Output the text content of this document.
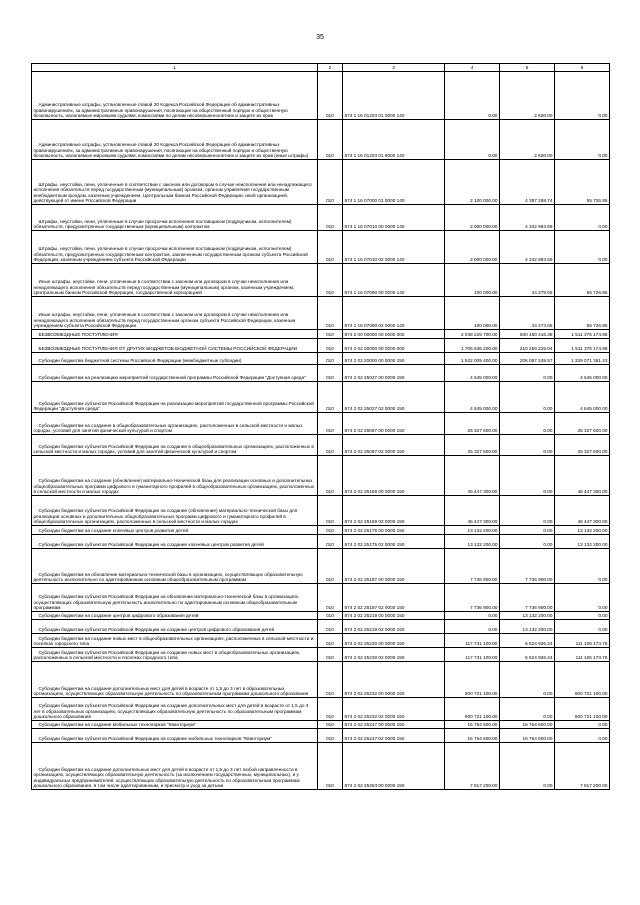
35
1	2	3	4	5	6
Административные штрафы, установленные главой 20 Кодекса Российской Федерации об административных правонарушениях, за административные правонарушения, посягающие на общественный порядок и общественную безопасность, налагаемые мировыми судьями, комиссиями по делам несовершеннолетних и защите их прав	010	874 1 16 01203 01 0000 140	0.00	2 620.00	0.00
Административные штрафы, установленные главой 20 Кодекса Российской Федерации об административных правонарушениях, за административные правонарушения, посягающие на общественный порядок и общественную безопасность, налагаемые мировыми судьями, комиссиями по делам несовершеннолетних и защите их прав (иные штрафы)	010	874 1 16 01203 01 9000 140	0.00	2 620.00	0.00
Штрафы, неустойки, пени, уплаченные в соответствии с законом или договором в случае неисполнения или ненадлежащего исполнения обязательств перед государственным (муниципальным) органом, органом управления государственным внебюджетным фондом, казенным учреждением, Центральным банком Российской Федерации, иной организацией, действующей от имени Российской Федерации	010	874 1 16 07000 01 0000 140	2 100 000.00	4 387 268.74	55 726.95
Штрафы, неустойки, пени, уплаченные в случае просрочки исполнения поставщиком (подрядчиком, исполнителем) обязательств, предусмотренных государственным (муниципальным) контрактом	010	874 1 16 07010 00 0000 140	2 000 000.00	4 342 993.69	0.00
Штрафы, неустойки, пени, уплаченные в случае просрочки исполнения поставщиком (подрядчиком, исполнителем) обязательств, предусмотренных государственным контрактом, заключенным государственным органом субъекта Российской Федерации, казенным учреждением субъекта Российской Федерации	010	874 1 16 07010 02 0000 140	2 000 000.00	4 342 993.69	0.00
Иные штрафы, неустойки, пени, уплаченные в соответствии с законом или договором в случае неисполнения или ненадлежащего исполнения обязательств перед государственным (муниципальным) органом, казенным учреждением, Центральным банком Российской Федерации, государственной корпорацией	010	874 1 16 07090 00 0000 140	100 000.00	44 275.05	55 726.95
Иные штрафы, неустойки, пени, уплаченные в соответствии с законом или договором в случае неисполнения или ненадлежащего исполнения обязательств перед государственным органом субъекта Российской Федерации, казенным учреждением субъекта Российской Федерации	010	874 1 16 07090 02 0000 140	100 000.00	44 273.05	55 726.95
БЕЗВОЗМЕЗДНЫЕ ПОСТУПЛЕНИЯ	010	874 2 00 00000 00 0000 000	2 038 225 700.00	600 450 416.38	1 511 376 174.98
БЕЗВОЗМЕЗДНЫЕ ПОСТУПЛЕНИЯ ОТ ДРУГИХ БЮДЖЕТОВ БЮДЖЕТНОЙ СИСТЕМЫ РОССИЙСКОЙ ФЕДЕРАЦИИ	010	874 2 02 00000 00 0000 000	1 705 536 200.00	210 259 225.04	1 511 376 174.98
Субсидии бюджетам бюджетной системы Российской Федерации (межбюджетные субсидии)	010	874 2 02 20000 00 0000 150	1 522 009 400.00	206 087 248.57	1 329 071 361.43
Субсидии бюджетам на реализацию мероприятий государственной программы Российской Федерации "Доступная среда"	010	874 2 02 25027 00 0000 150	4 645 000.00	0.00	4 645 000.00
Субсидии бюджетам субъектов Российской Федерации на реализацию мероприятий государственной программы Российской Федерации "Доступная среда"	010	874 2 02 25027 02 0000 150	4 645 000.00	0.00	4 645 000.00
Субсидии бюджетам на создание в общеобразовательных организациях, расположенных в сельской местности и малых городах, условий для занятий физической культурой и спортом	010	874 2 02 25097 00 0000 150	25 327 600.00	0.00	25 327 600.00
Субсидии бюджетам субъектов Российской Федерации на создание в общеобразовательных организациях, расположенных в сельской местности и малых городах, условий для занятий физической культурой и спортом	010	874 2 02 25097 02 0000 150	25 327 600.00	0.00	25 327 600.00
Субсидии бюджетам на создание (обновление) материально-технической базы для реализации основных и дополнительных общеобразовательных программ цифрового и гуманитарного профилей в общеобразовательных организациях, расположенных в сельской местности и малых городах	010	874 2 02 25169 00 0000 150	46 447 300.00	0.00	46 447 300.00
Субсидии бюджетам субъектов Российской Федерации на создание (обновление) материально-технической базы для реализации основных и дополнительных общеобразовательных программ цифрового и гуманитарного профилей в общеобразовательных организациях, расположенных в сельской местности и малых городах	010	874 2 02 25169 02 0000 150	46 447 300.00	0.00	46 447 300.00
Субсидии бюджетам на создание ключевых центров развития детей	010	874 2 02 25175 00 0000 150	13 132 200.00	0.00	13 132 200.00
Субсидии бюджетам субъектов Российской Федерации на создание ключевых центров развития детей	010	874 2 02 25175 02 0000 150	13 132 200.00	0.00	13 132 200.00
Субсидии бюджетам на обновление материально-технической базы в организациях, осуществляющих образовательную деятельность исключительно по адаптированным основным общеобразовательным программам	010	874 2 02 25187 00 0000 150	7 736 900.00	7 736 900.00	0.00
Субсидии бюджетам субъектов Российской Федерации на обновление материально-технической базы в организациях, осуществляющих образовательную деятельность исключительно по адаптированным основным общеобразовательным программам	010	874 2 02 25187 02 0000 150	7 736 900.00	7 736 900.00	0.00
Субсидии бюджетам на создание центров цифрового образования детей	010	874 2 02 25219 00 0000 150	0.00	13 132 200.00	0.00
Субсидии бюджетам субъектов Российской Федерации на создание центров цифрового образования детей	010	874 2 02 25219 02 0000 150	0.00	13 132 200.00	0.00
Субсидии бюджетам на создание новых мест в общеобразовательных организациях, расположенных в сельской местности и поселках городского типа	010	874 2 02 25230 00 0000 150	117 731 100.00	6 624 926.24	111 106 173.76
Субсидии бюджетам субъектов Российской Федерации на создание новых мест в общеобразовательных организациях, расположенных в сельской местности и поселках городского типа	010	874 2 02 25230 02 0000 150	117 731 100.00	6 624 926.24	111 106 173.76
Субсидии бюджетам на создание дополнительных мест для детей в возрасте от 1,5 до 3 лет в образовательных организациях, осуществляющих образовательную деятельность по образовательным программам дошкольного образования	010	874 2 02 25232 00 0000 150	900 721 100.00	0.00	900 721 100.00
Субсидии бюджетам субъектов Российской Федерации на создание дополнительных мест для детей в возрасте от 1,5 до 3 лет в образовательных организациях, осуществляющих образовательную деятельность по образовательным программам дошкольного образования	010	874 2 02 25232 02 0000 150	900 721 100.00	0.00	900 721 100.00
Субсидии бюджетам на создание мобильных технопарков "Кванториум"	010	874 2 02 25247 00 0000 150	16 764 600.00	16 764 600.00	0.00
Субсидии бюджетам субъектов Российской Федерации на создание мобильных технопарков "Кванториум"	010	874 2 02 25247 02 0000 150	16 764 600.00	16 764 600.00	0.00
Субсидии бюджетам на создание дополнительных мест для детей в возрасте от 1,5 до 3 лет любой направленности в организациях, осуществляющих образовательную деятельность (за исключением государственных, муниципальных), и у индивидуальных предпринимателей, осуществляющих образовательную деятельность по образовательным программам дошкольного образования, в том числе адаптированным, и присмотр и уход за детьми	010	874 2 02 25253 00 0000 150	7 817 200.00	0.00	7 817 200.00
